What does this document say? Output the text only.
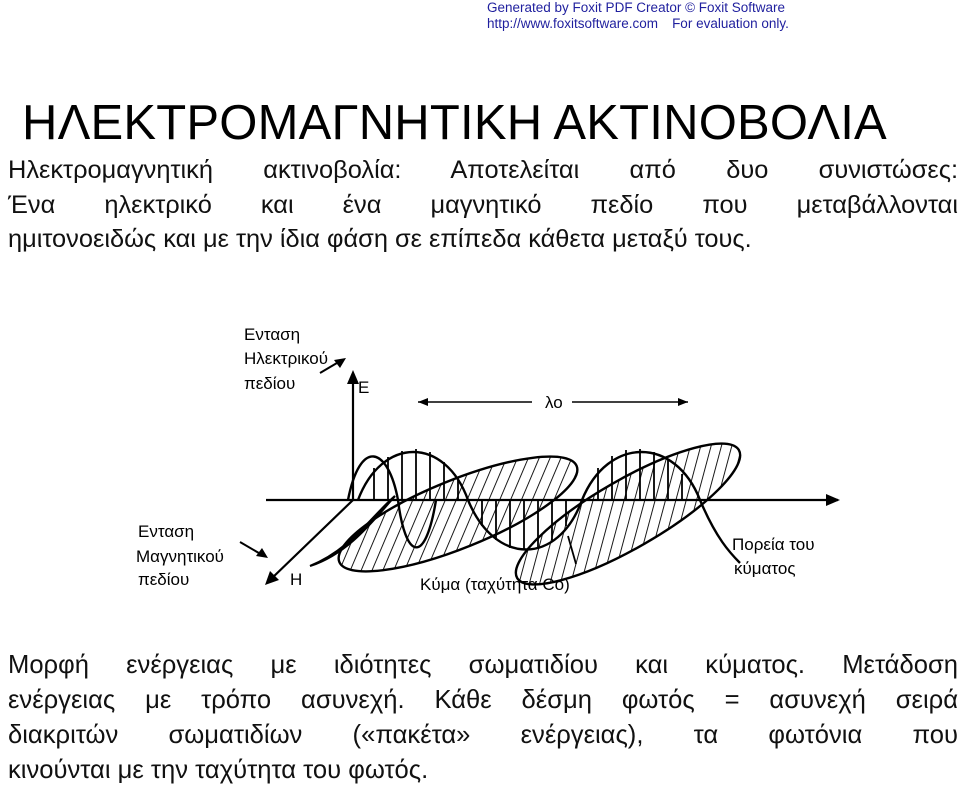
Generated by Foxit PDF Creator © Foxit Software
http://www.foxitsoftware.com For evaluation only.
ΗΛΕΚΤΡΟΜΑΓΝΗΤΙΚΗ ΑΚΤΙΝΟΒΟΛΙΑ
Ηλεκτρομαγνητική ακτινοβολία: Αποτελείται από δυο συνιστώσες:
Ένα ηλεκτρικό και ένα μαγνητικό πεδίο που μεταβάλλονται
ημιτονοειδώς και με την ίδια φάση σε επίπεδα κάθετα μεταξύ τους.
Ενταση
Ηλεκτρικού
πεδίου	E
Ενταση
Μαγνητικού
πεδίου	H
λο
Κύμα (ταχύτητα Co)
Πορεία του
κύματος
Μορφή ενέργειας με ιδιότητες σωματιδίου και κύματος. Μετάδοση
ενέργειας με τρόπο ασυνεχή. Κάθε δέσμη φωτός = ασυνεχή σειρά
διακριτών σωματιδίων («πακέτα» ενέργειας), τα φωτόνια που
κινούνται με την ταχύτητα του φωτός.
